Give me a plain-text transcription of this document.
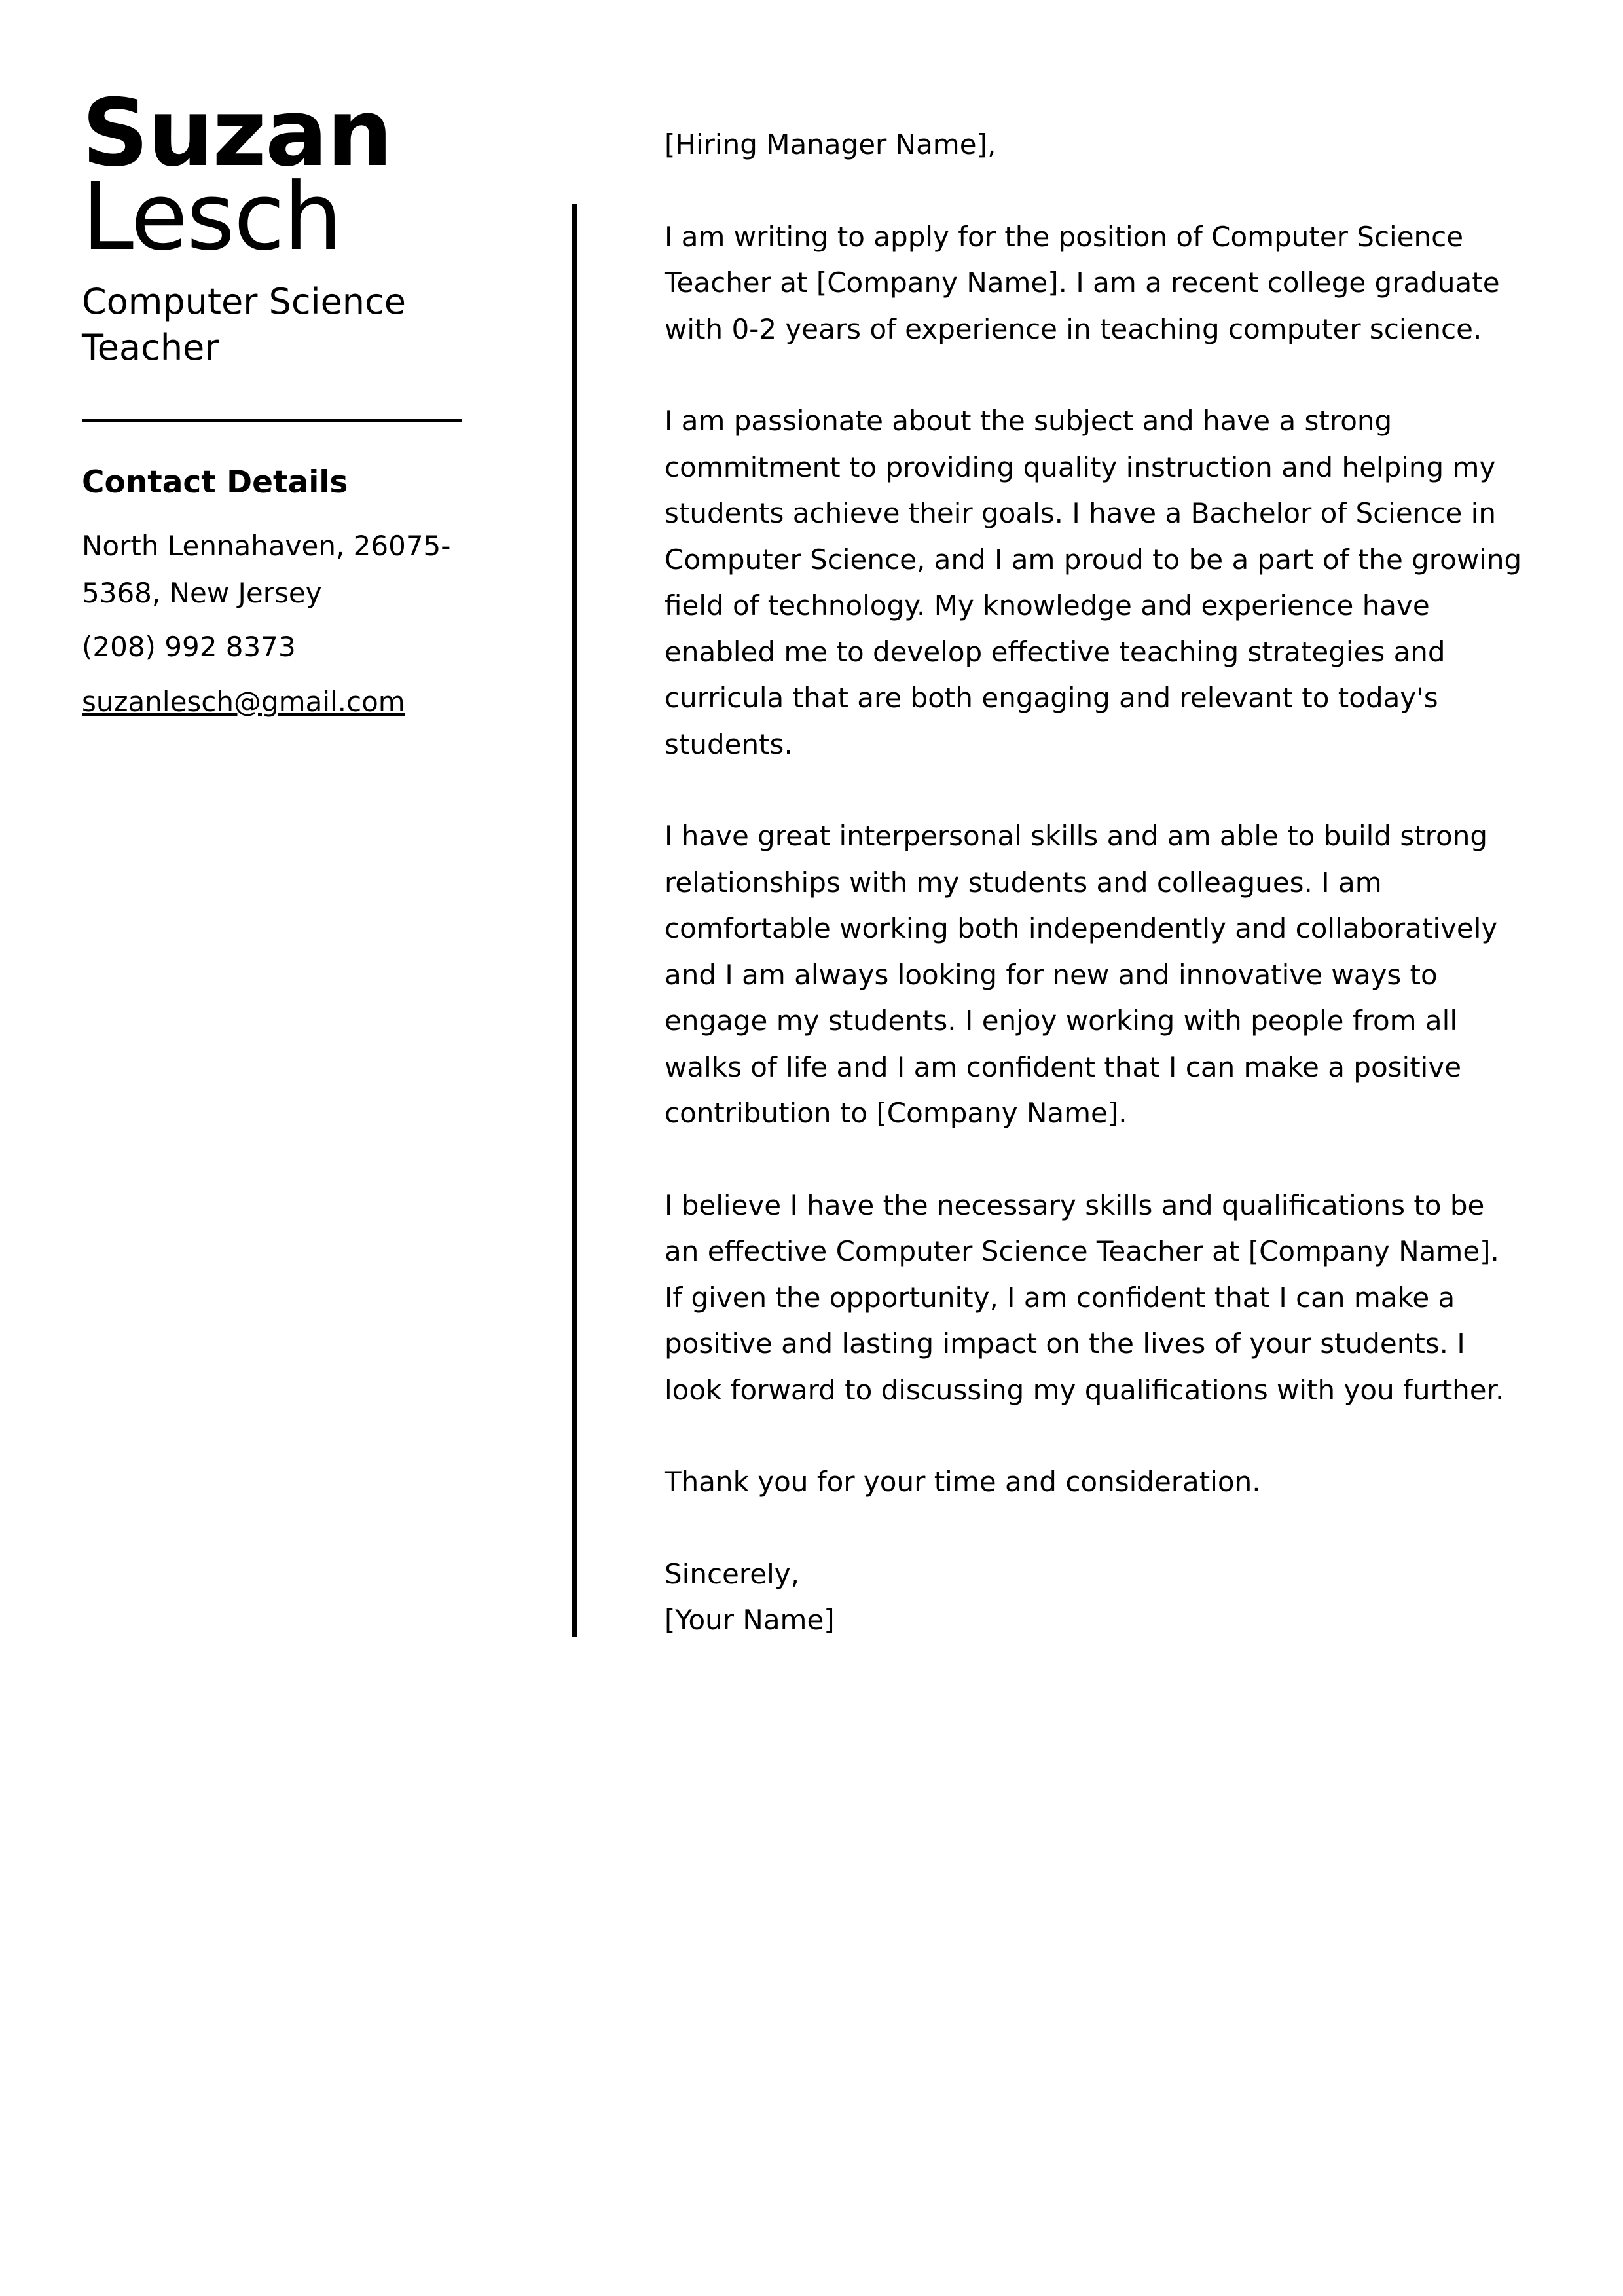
Suzan
Lesch
Computer Science Teacher
Contact Details
North Lennahaven, 26075-5368, New Jersey
(208) 992 8373
suzanlesch@gmail.com

[Hiring Manager Name],

I am writing to apply for the position of Computer Science Teacher at [Company Name]. I am a recent college graduate with 0-2 years of experience in teaching computer science.

I am passionate about the subject and have a strong commitment to providing quality instruction and helping my students achieve their goals. I have a Bachelor of Science in Computer Science, and I am proud to be a part of the growing field of technology. My knowledge and experience have enabled me to develop effective teaching strategies and curricula that are both engaging and relevant to today's students.

I have great interpersonal skills and am able to build strong relationships with my students and colleagues. I am comfortable working both independently and collaboratively and I am always looking for new and innovative ways to engage my students. I enjoy working with people from all walks of life and I am confident that I can make a positive contribution to [Company Name].

I believe I have the necessary skills and qualifications to be an effective Computer Science Teacher at [Company Name]. If given the opportunity, I am confident that I can make a positive and lasting impact on the lives of your students. I look forward to discussing my qualifications with you further.

Thank you for your time and consideration.

Sincerely,
[Your Name]
